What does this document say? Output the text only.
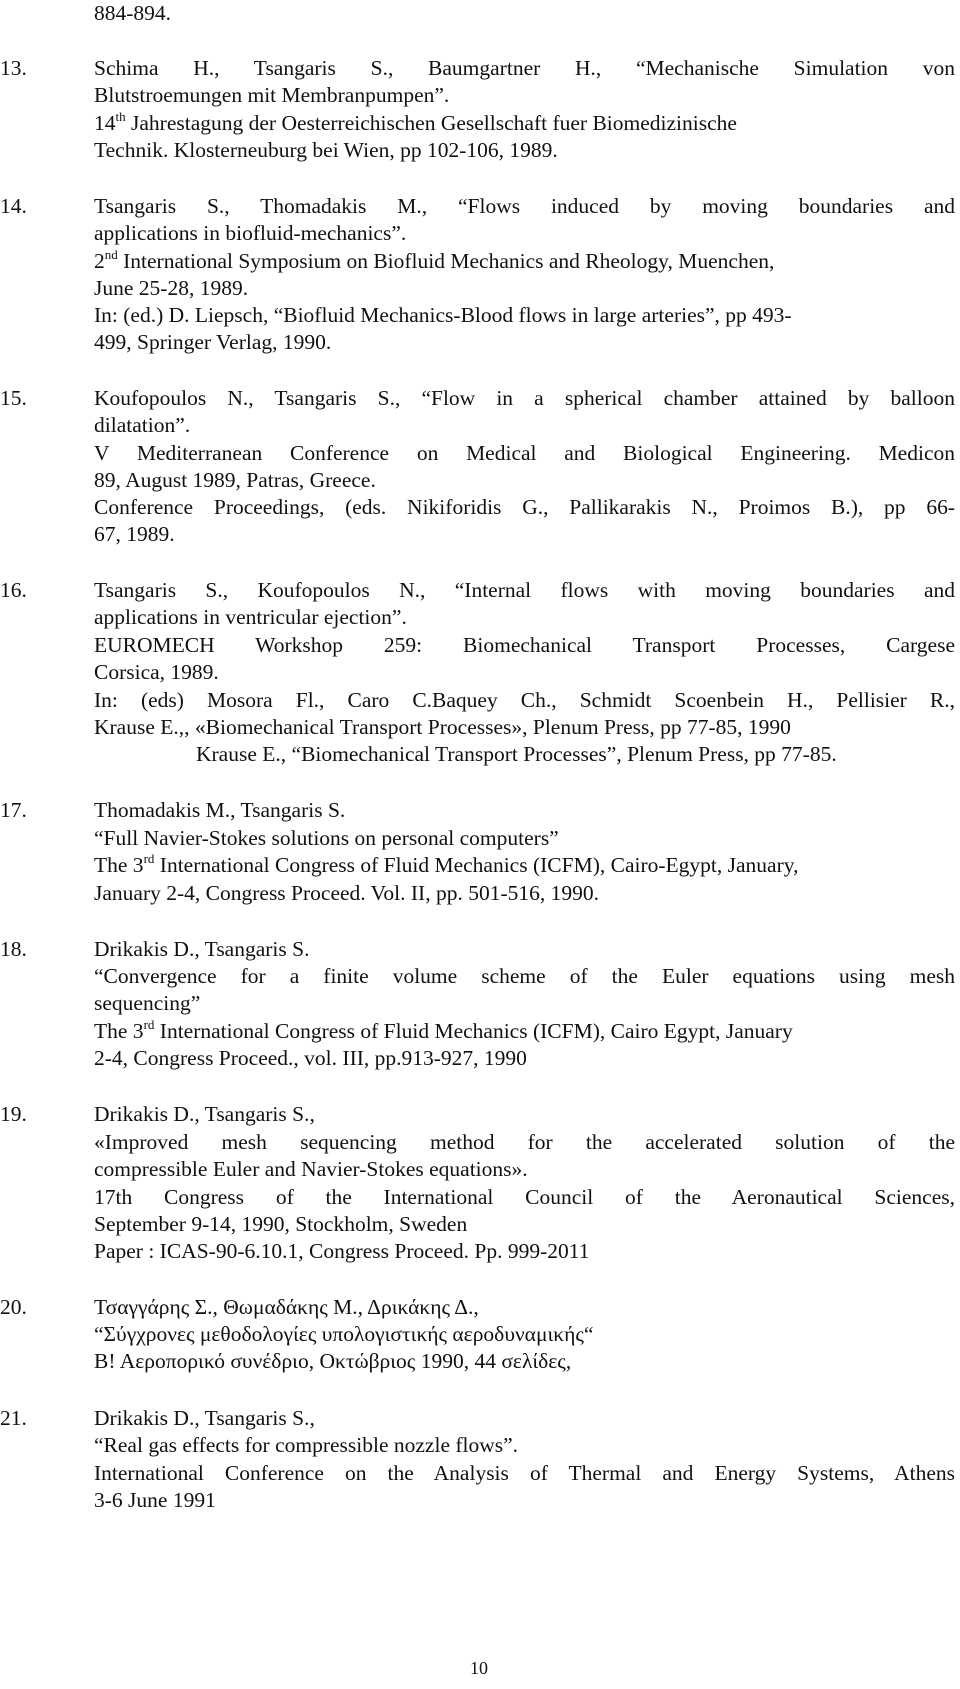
884-894.
13.	Schima H., Tsangaris S., Baumgartner H., “Mechanische Simulation von
Blutstroemungen mit Membranpumpen”.
14th Jahrestagung der Oesterreichischen Gesellschaft fuer Biomedizinische
Technik. Klosterneuburg bei Wien, pp 102-106, 1989.
14.	Tsangaris S., Thomadakis M., “Flows induced by moving boundaries and
applications in biofluid-mechanics”.
2nd International Symposium on Biofluid Mechanics and Rheology, Muenchen,
June 25-28, 1989.
In: (ed.) D. Liepsch, “Biofluid Mechanics-Blood flows in large arteries”, pp 493-
499, Springer Verlag, 1990.
15.	Koufopoulos N., Tsangaris S., “Flow in a spherical chamber attained by balloon
dilatation”.
V Mediterranean Conference on Medical and Biological Engineering. Medicon
89, August 1989, Patras, Greece.
Conference Proceedings, (eds. Nikiforidis G., Pallikarakis N., Proimos B.), pp 66-
67, 1989.
16.	Tsangaris S., Koufopoulos N., “Internal flows with moving boundaries and
applications in ventricular ejection”.
EUROMECH Workshop 259: Biomechanical Transport Processes, Cargese
Corsica, 1989.
In: (eds) Mosora Fl., Caro C.Baquey Ch., Schmidt Scoenbein H., Pellisier R.,
Krause E.,, «Biomechanical Transport Processes», Plenum Press, pp 77-85, 1990
Krause E., “Biomechanical Transport Processes”, Plenum Press, pp 77-85.
17.	Thomadakis M., Tsangaris S.
“Full Navier-Stokes solutions on personal computers”
The 3rd International Congress of Fluid Mechanics (ICFM), Cairo-Egypt, January,
January 2-4, Congress Proceed. Vol. II, pp. 501-516, 1990.
18.	Drikakis D., Tsangaris S.
“Convergence for a finite volume scheme of the Euler equations using mesh
sequencing”
The 3rd International Congress of Fluid Mechanics (ICFM), Cairo Egypt, January
2-4, Congress Proceed., vol. III, pp.913-927, 1990
19.	Drikakis D., Tsangaris S.,
«Improved mesh sequencing method for the accelerated solution of the
compressible Euler and Navier-Stokes equations».
17th Congress of the International Council of the Aeronautical Sciences,
September 9-14, 1990, Stockholm, Sweden
Paper : ICAS-90-6.10.1, Congress Proceed. Pp. 999-2011
20.	Τσαγγάρης Σ., Θωμαδάκης Μ., Δρικάκης Δ.,
“Σύγχρονες μεθοδολογίες υπολογιστικής αεροδυναμικής“
Β! Αεροπορικό συνέδριο, Οκτώβριος 1990, 44 σελίδες,
21.	Drikakis D., Tsangaris S.,
“Real gas effects for compressible nozzle flows”.
International Conference on the Analysis of Thermal and Energy Systems, Athens
3-6 June 1991
10
